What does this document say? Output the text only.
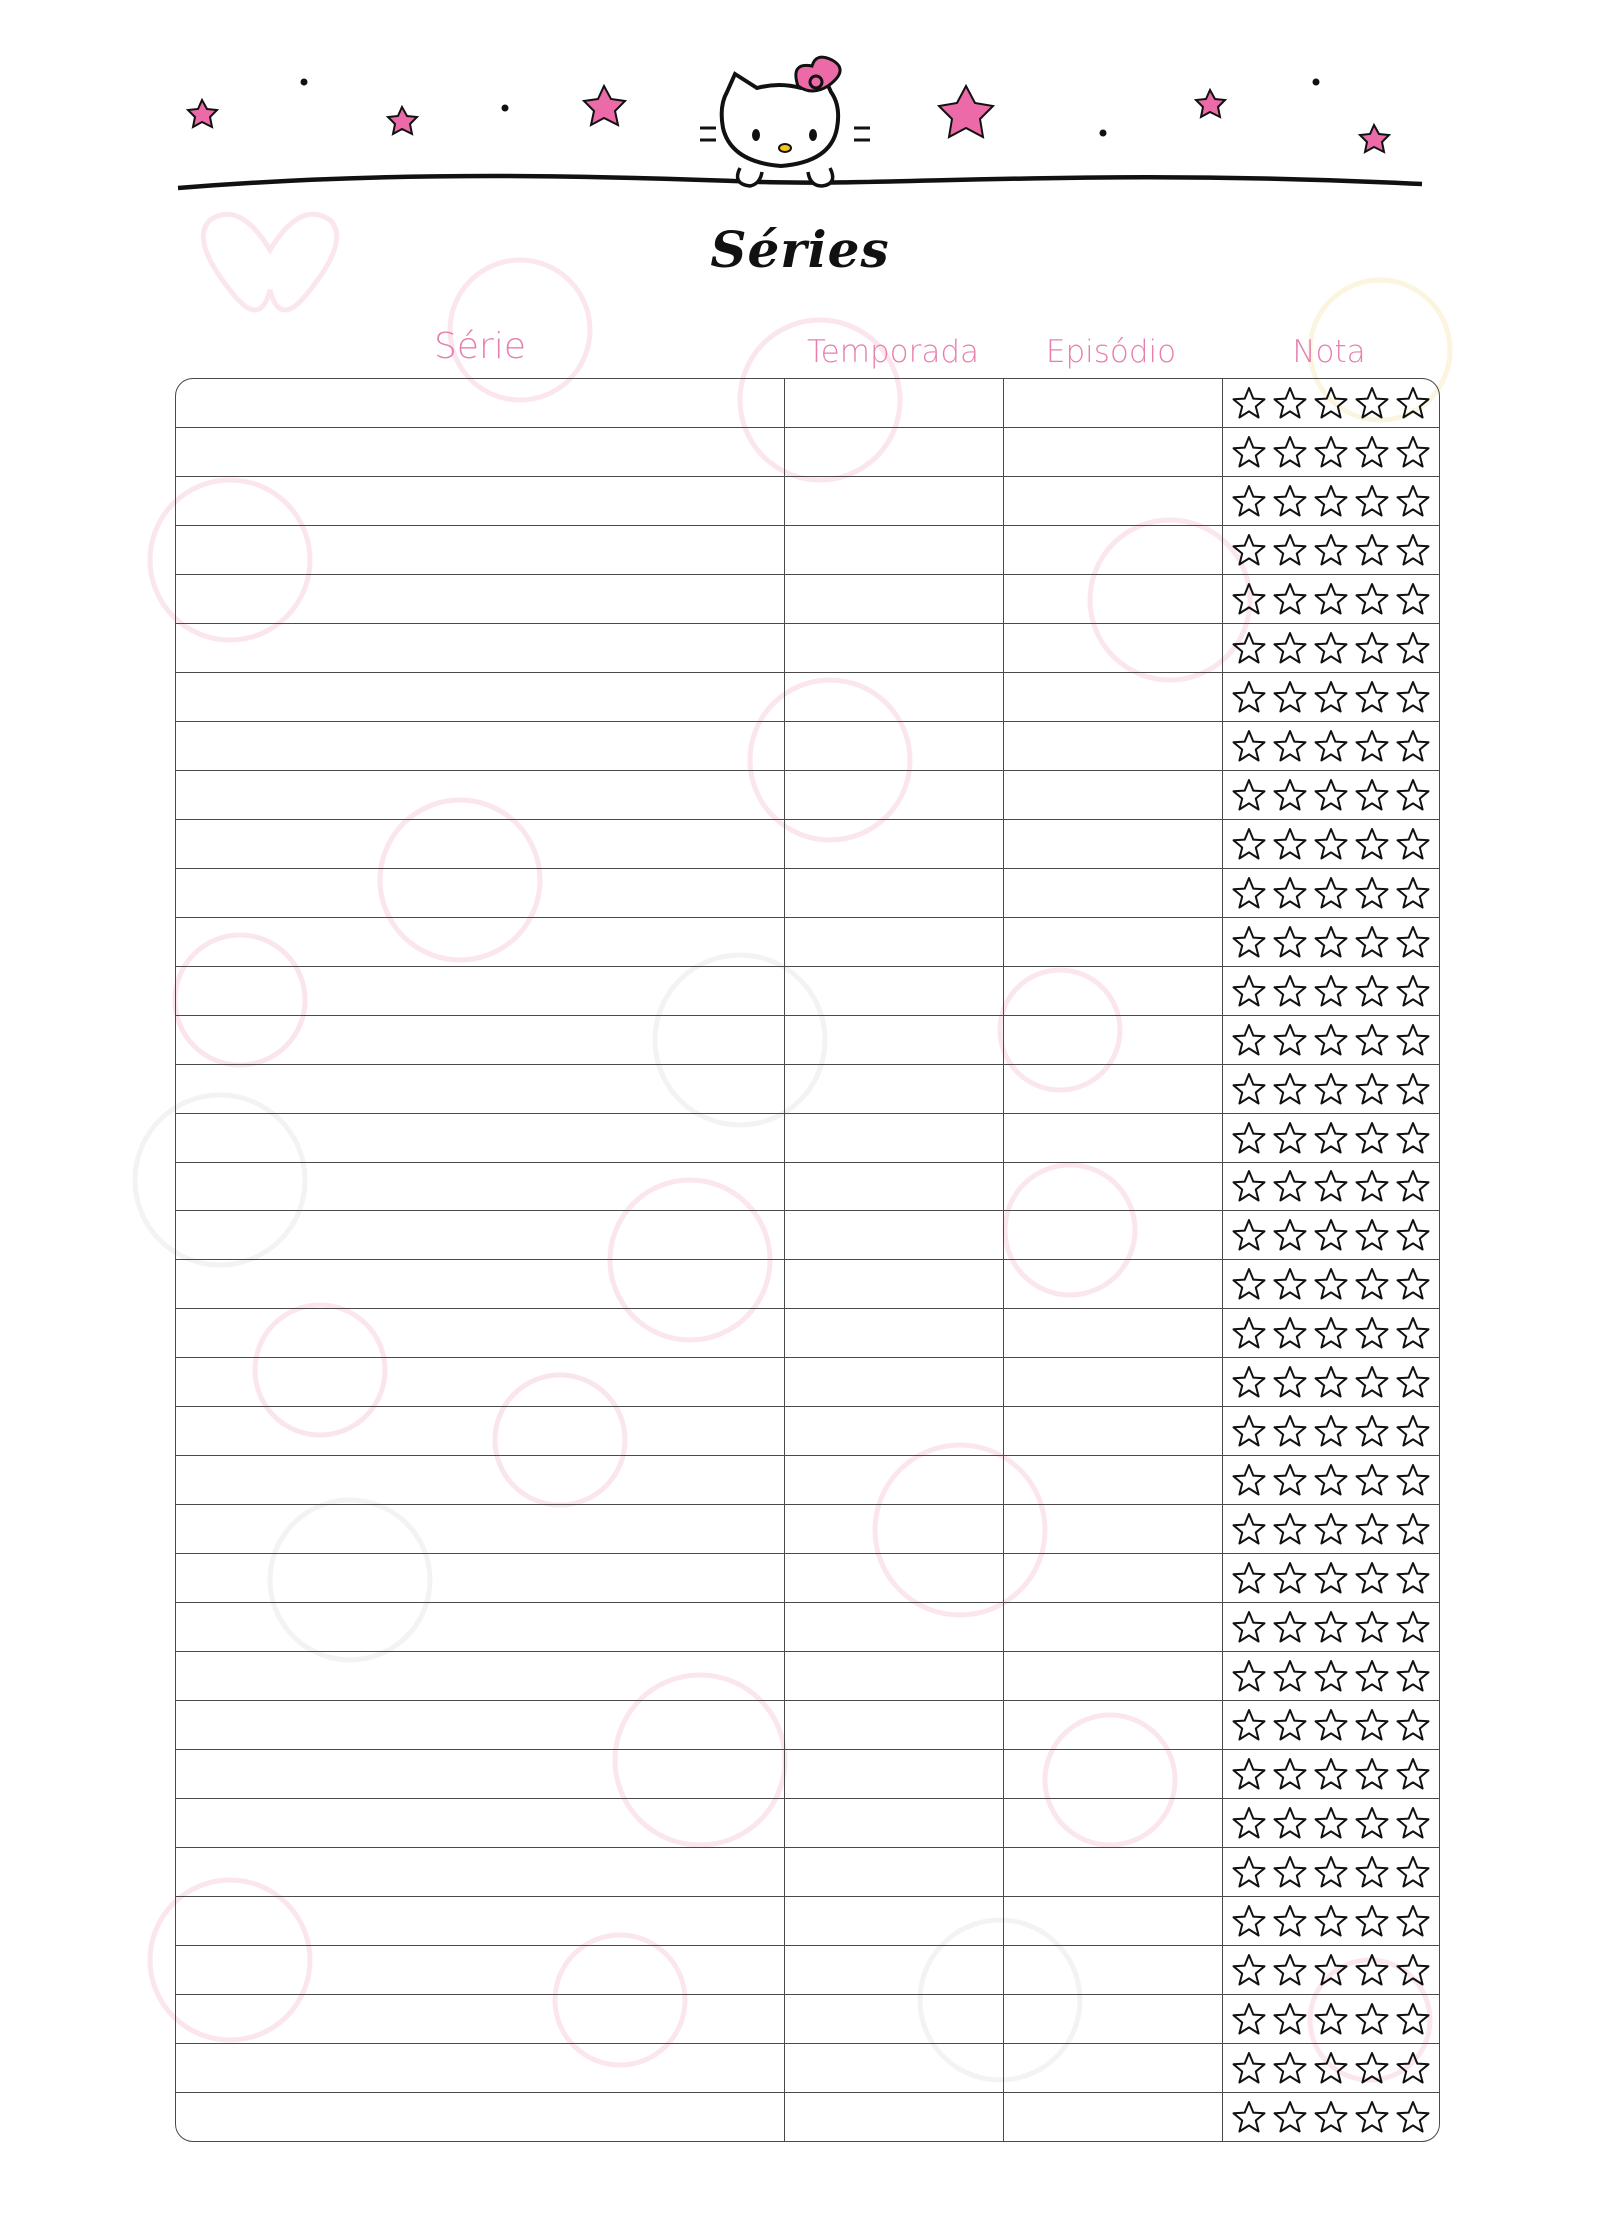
Séries
Série	Temporada	Episódio	Nota
